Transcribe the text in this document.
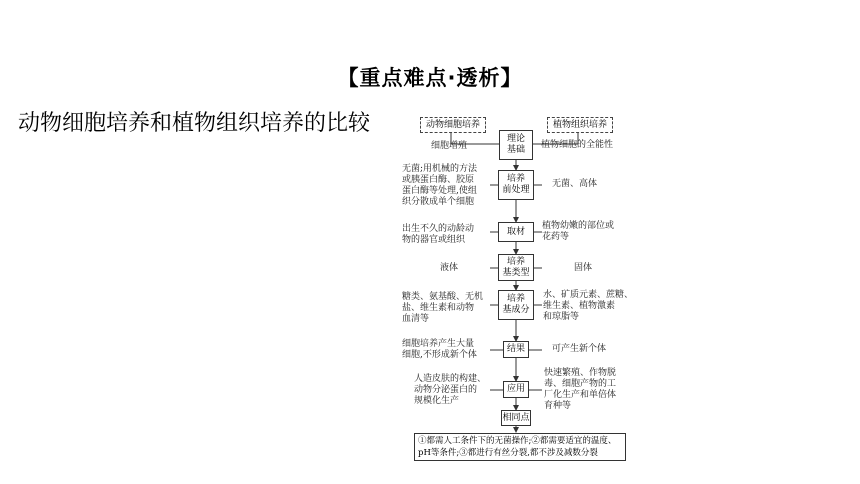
【重点难点·透析】
动物细胞培养和植物组织培养的比较	动物细胞培养	植物组织培养
理论
基础
细胞增殖	植物细胞的全能性
培养
前处理
无菌;用机械的方法
或胰蛋白酶、胶原
蛋白酶等处理,使组
织分散成单个细胞
无菌、高体
取材
出生不久的动龄动
物的器官或组织
植物幼嫩的部位或
花药等
培养
基类型
液体	固体
培养
基成分
糖类、氨基酸、无机
盐、维生素和动物
血清等
水、矿质元素、蔗糖、
维生素、植物激素
和琼脂等
结果
细胞培养产生大量
细胞,不形成新个体
可产生新个体
应用
人造皮肤的构建、
动物分泌蛋白的
规模化生产
快速繁殖、作物脱
毒、细胞产物的工
厂化生产和单倍体
育种等
相同点
①都需人工条件下的无菌操作;②都需要适宜的温度、
pH等条件;③都进行有丝分裂,都不涉及减数分裂
